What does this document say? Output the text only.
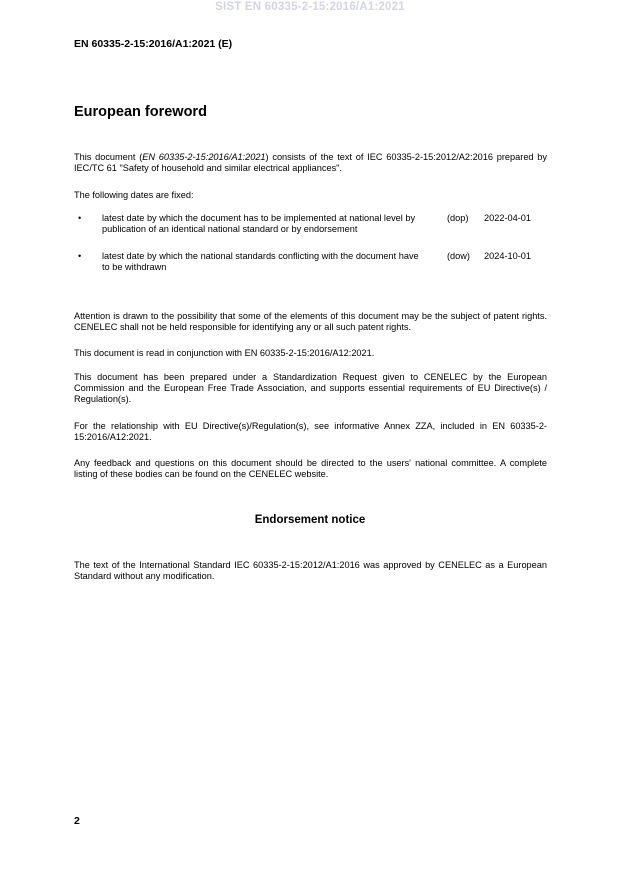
SIST EN 60335-2-15:2016/A1:2021
EN 60335-2-15:2016/A1:2021 (E)
European foreword
This document (EN 60335-2-15:2016/A1:2021) consists of the text of IEC 60335-2-15:2012/A2:2016 prepared by IEC/TC 61 "Safety of household and similar electrical appliances".
The following dates are fixed:
• latest date by which the document has to be implemented at national level by publication of an identical national standard or by endorsement
(dop) 2022-04-01
• latest date by which the national standards conflicting with the document have to be withdrawn
(dow) 2024-10-01
Attention is drawn to the possibility that some of the elements of this document may be the subject of patent rights. CENELEC shall not be held responsible for identifying any or all such patent rights.
This document is read in conjunction with EN 60335-2-15:2016/A12:2021.
This document has been prepared under a Standardization Request given to CENELEC by the European Commission and the European Free Trade Association, and supports essential requirements of EU Directive(s) / Regulation(s).
For the relationship with EU Directive(s)/Regulation(s), see informative Annex ZZA, included in EN 60335-2-15:2016/A12:2021.
Any feedback and questions on this document should be directed to the users' national committee. A complete listing of these bodies can be found on the CENELEC website.
Endorsement notice
The text of the International Standard IEC 60335-2-15:2012/A1:2016 was approved by CENELEC as a European Standard without any modification.
2
